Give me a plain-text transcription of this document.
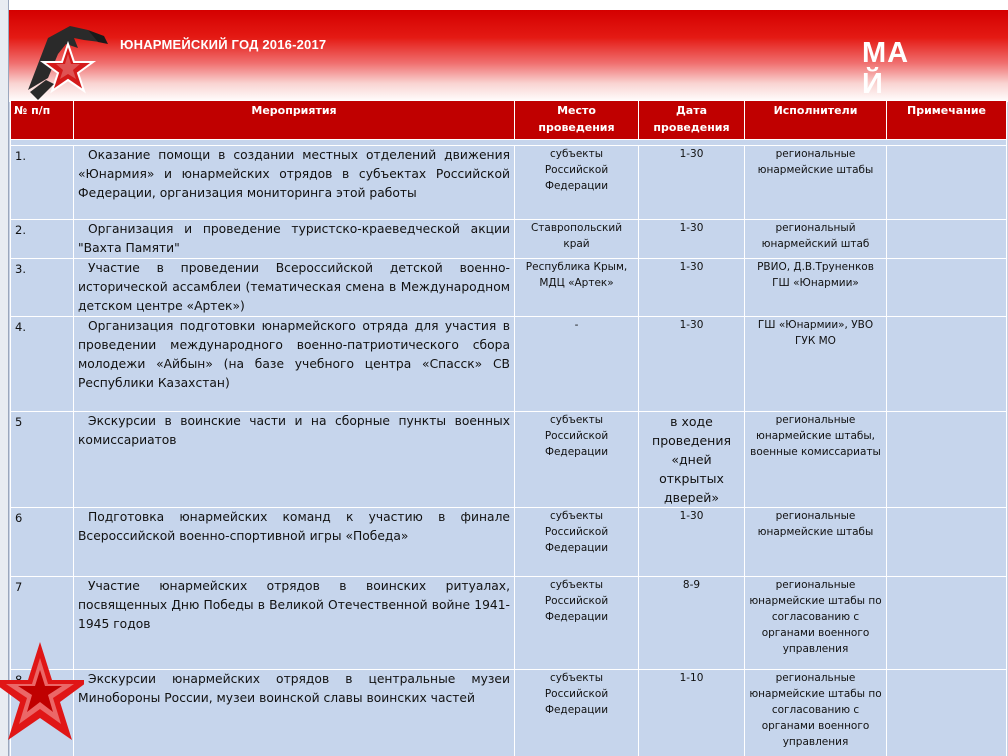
ЮНАРМЕЙСКИЙ ГОД 2016-2017	МАЙ
№ п/п	Мероприятия	Место проведения	Дата проведения	Исполнители	Примечание

1.	Оказание помощи в создании местных отделений движения «Юнармия» и юнармейских отрядов в субъектах Российской Федерации, организация мониторинга этой работы	субъекты Российской Федерации	1-30	региональные юнармейские штабы	
2.	Организация и проведение туристско-краеведческой акции "Вахта Памяти"	Ставропольский край	1-30	региональный юнармейский штаб	
3.	Участие в проведении Всероссийской детской военно-исторической ассамблеи (тематическая смена в Международном детском центре «Артек»)	Республика Крым, МДЦ «Артек»	1-30	РВИО, Д.В.Труненков ГШ «Юнармии»	
4.	Организация подготовки юнармейского отряда для участия в проведении международного военно-патриотического сбора молодежи «Айбын» (на базе учебного центра «Спасск» СВ Республики Казахстан)	-	1-30	ГШ «Юнармии», УВО ГУК МО	
5	Экскурсии в воинские части и на сборные пункты военных комиссариатов	субъекты Российской Федерации	в ходе проведения «дней открытых дверей»	региональные юнармейские штабы, военные комиссариаты	
6	Подготовка юнармейских команд к участию в финале Всероссийской военно-спортивной игры «Победа»	субъекты Российской Федерации	1-30	региональные юнармейские штабы	
7	Участие юнармейских отрядов в воинских ритуалах, посвященных Дню Победы в Великой Отечественной войне 1941-1945 годов	субъекты Российской Федерации	8-9	региональные юнармейские штабы по согласованию с органами военного управления	
	Экскурсии юнармейских отрядов в центральные музеи Минобороны России, музеи воинской славы воинских частей	субъекты Российской Федерации	1-10	региональные юнармейские штабы по согласованию с органами военного управления	
